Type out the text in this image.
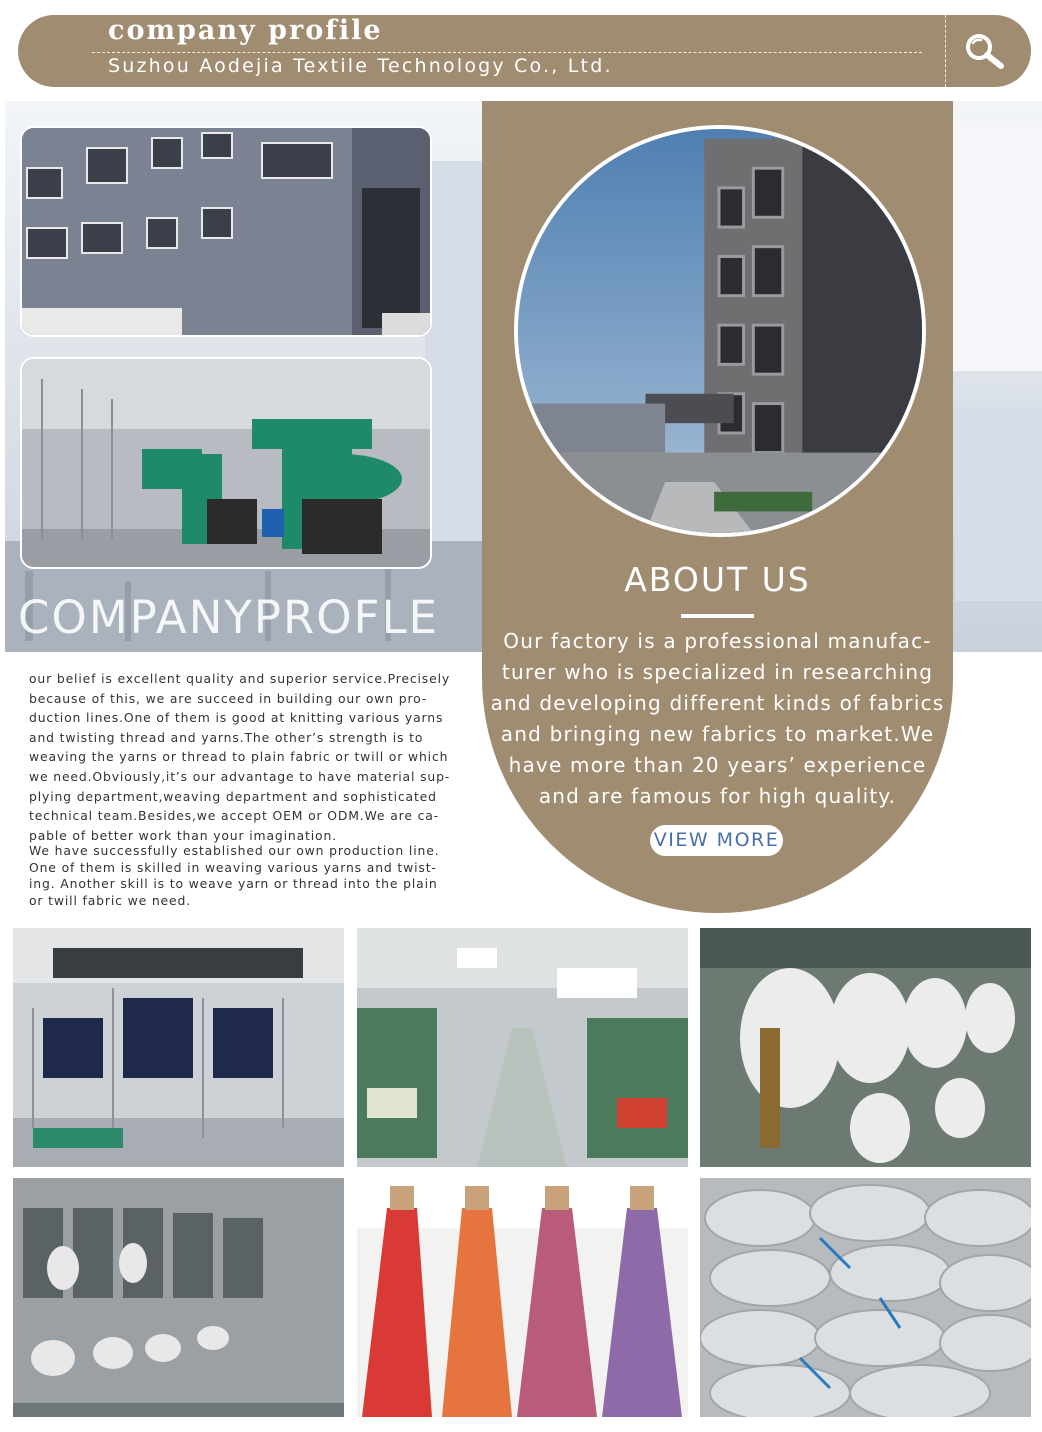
company profile
Suzhou Aodejia Textile Technology Co., Ltd.
COMPANYPROFLE
ABOUT US

Our factory is a professional manufac-
turer who is specialized in researching
and developing different kinds of fabrics
and bringing new fabrics to market.We
have more than 20 years’ experience
and are famous for high quality.

VIEW MORE

our belief is excellent quality and superior service.Precisely
because of this, we are succeed in building our own pro-
duction lines.One of them is good at knitting various yarns
and twisting thread and yarns.The other’s strength is to
weaving the yarns or thread to plain fabric or twill or which
we need.Obviously,it’s our advantage to have material sup-
plying department,weaving department and sophisticated
technical team.Besides,we accept OEM or ODM.We are ca-
pable of better work than your imagination.

We have successfully established our own production line.
One of them is skilled in weaving various yarns and twist-
ing. Another skill is to weave yarn or thread into the plain
or twill fabric we need.
